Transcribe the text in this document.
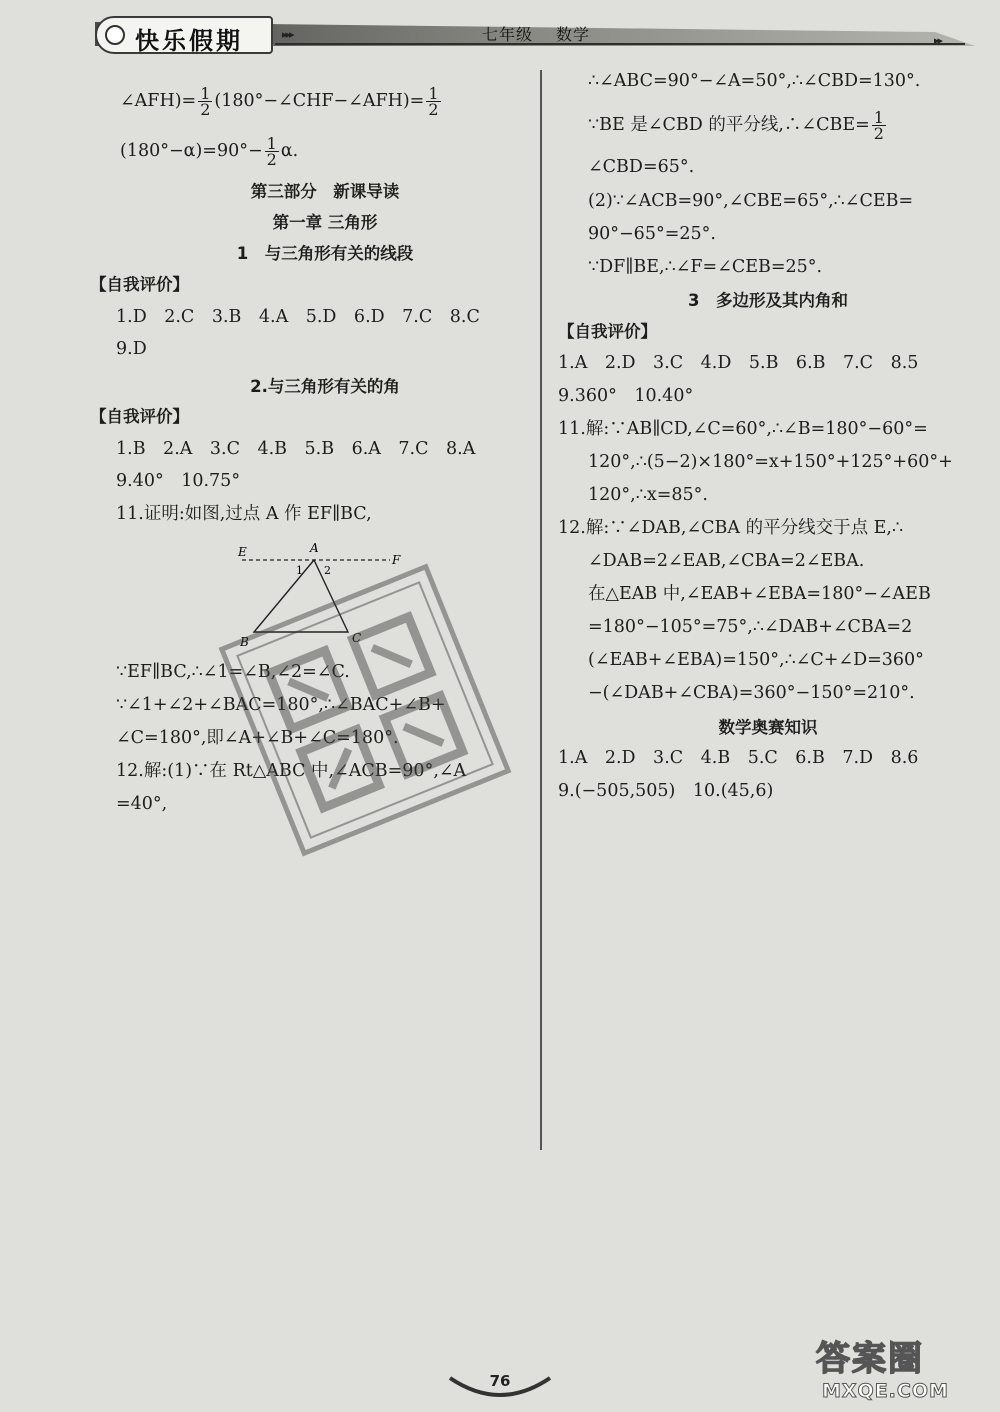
快乐假期	▸▸▸	七年级 数学	▸▸

∠AFH)= $\frac{1}{2}$ (180°−∠CHF−∠AFH)= $\frac{1}{2}$
$(180^\circ-\alpha)=90^\circ- \frac{1}{2} \alpha$.
第三部分　新课导读
第一章 三角形
1　与三角形有关的线段
【自我评价】
1.D　2.C　3.B　4.A　5.D　6.D　7.C　8.C
9.D
2.与三角形有关的角
【自我评价】
1.B　2.A　3.C　4.B　5.B　6.A　7.C　8.A
9.40°　10.75°
11.证明:如图,过点 A 作 EF∥BC,
∵EF∥BC,∴∠1=∠B,∠2=∠C.
∵∠1+∠2+∠BAC=180°,∴∠BAC+∠B+
∠C=180°,即∠A+∠B+∠C=180°.
12.解:(1)∵在 Rt△ABC 中,∠ACB=90°,∠A
=40°,
E	A
F
1 2
B	C
∴∠ABC=90°−∠A=50°,∴∠CBD=130°.
∵BE 是∠CBD 的平分线,∴∠CBE= $\frac{1}{2}$
∠CBD=65°.
(2)∵∠ACB=90°,∠CBE=65°,∴∠CEB=
90°−65°=25°.
∵DF∥BE,∴∠F=∠CEB=25°.
3　多边形及其内角和
【自我评价】
1.A　2.D　3.C　4.D　5.B　6.B　7.C　8.5
9.360°　10.40°
11.解:∵AB∥CD,∠C=60°,∴∠B=180°−60°=
120°,∴(5−2)×180°=x+150°+125°+60°+
120°,∴x=85°.
12.解:∵∠DAB,∠CBA 的平分线交于点 E,∴
∠DAB=2∠EAB,∠CBA=2∠EBA.
在△EAB 中,∠EAB+∠EBA=180°−∠AEB
=180°−105°=75°,∴∠DAB+∠CBA=2
(∠EAB+∠EBA)=150°,∴∠C+∠D=360°
−(∠DAB+∠CBA)=360°−150°=210°.
数学奥赛知识
1.A　2.D　3.C　4.B　5.C　6.B　7.D　8.6
9.(−505,505)　10.(45,6)
76
答案圈
MXQE.COM
